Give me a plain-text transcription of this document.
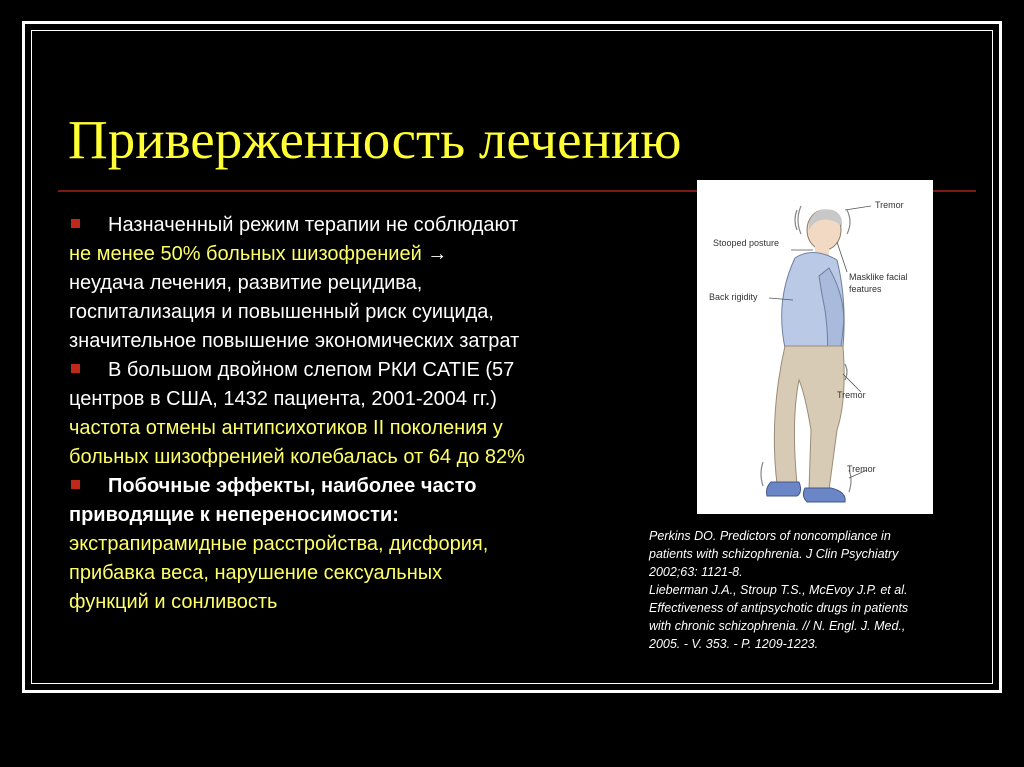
Приверженность лечению

Назначенный режим терапии не соблюдают

не менее 50% больных шизофренией →

неудача лечения, развитие рецидива,

госпитализация и повышенный риск суицида,

значительное повышение экономических затрат

В большом двойном слепом РКИ CATIE (57

центров в США, 1432 пациента, 2001-2004 гг.)

частота отмены антипсихотиков II поколения у

больных шизофренией колебалась от 64 до 82%

Побочные эффекты, наиболее часто

приводящие к непереносимости:

экстрапирамидные расстройства, дисфория,

прибавка веса, нарушение сексуальных

функций и сонливость

Tremor
Stooped posture
Masklike facial
features
Back rigidity
Tremor
Tremor

Perkins DO. Predictors of noncompliance in

patients with schizophrenia. J Clin Psychiatry

2002;63: 1121-8.

Lieberman J.A., Stroup T.S., McEvoy J.P. et al.

Effectiveness of antipsychotic drugs in patients

with chronic schizophrenia. // N. Engl. J. Med.,

2005. - V. 353. - P. 1209-1223.
